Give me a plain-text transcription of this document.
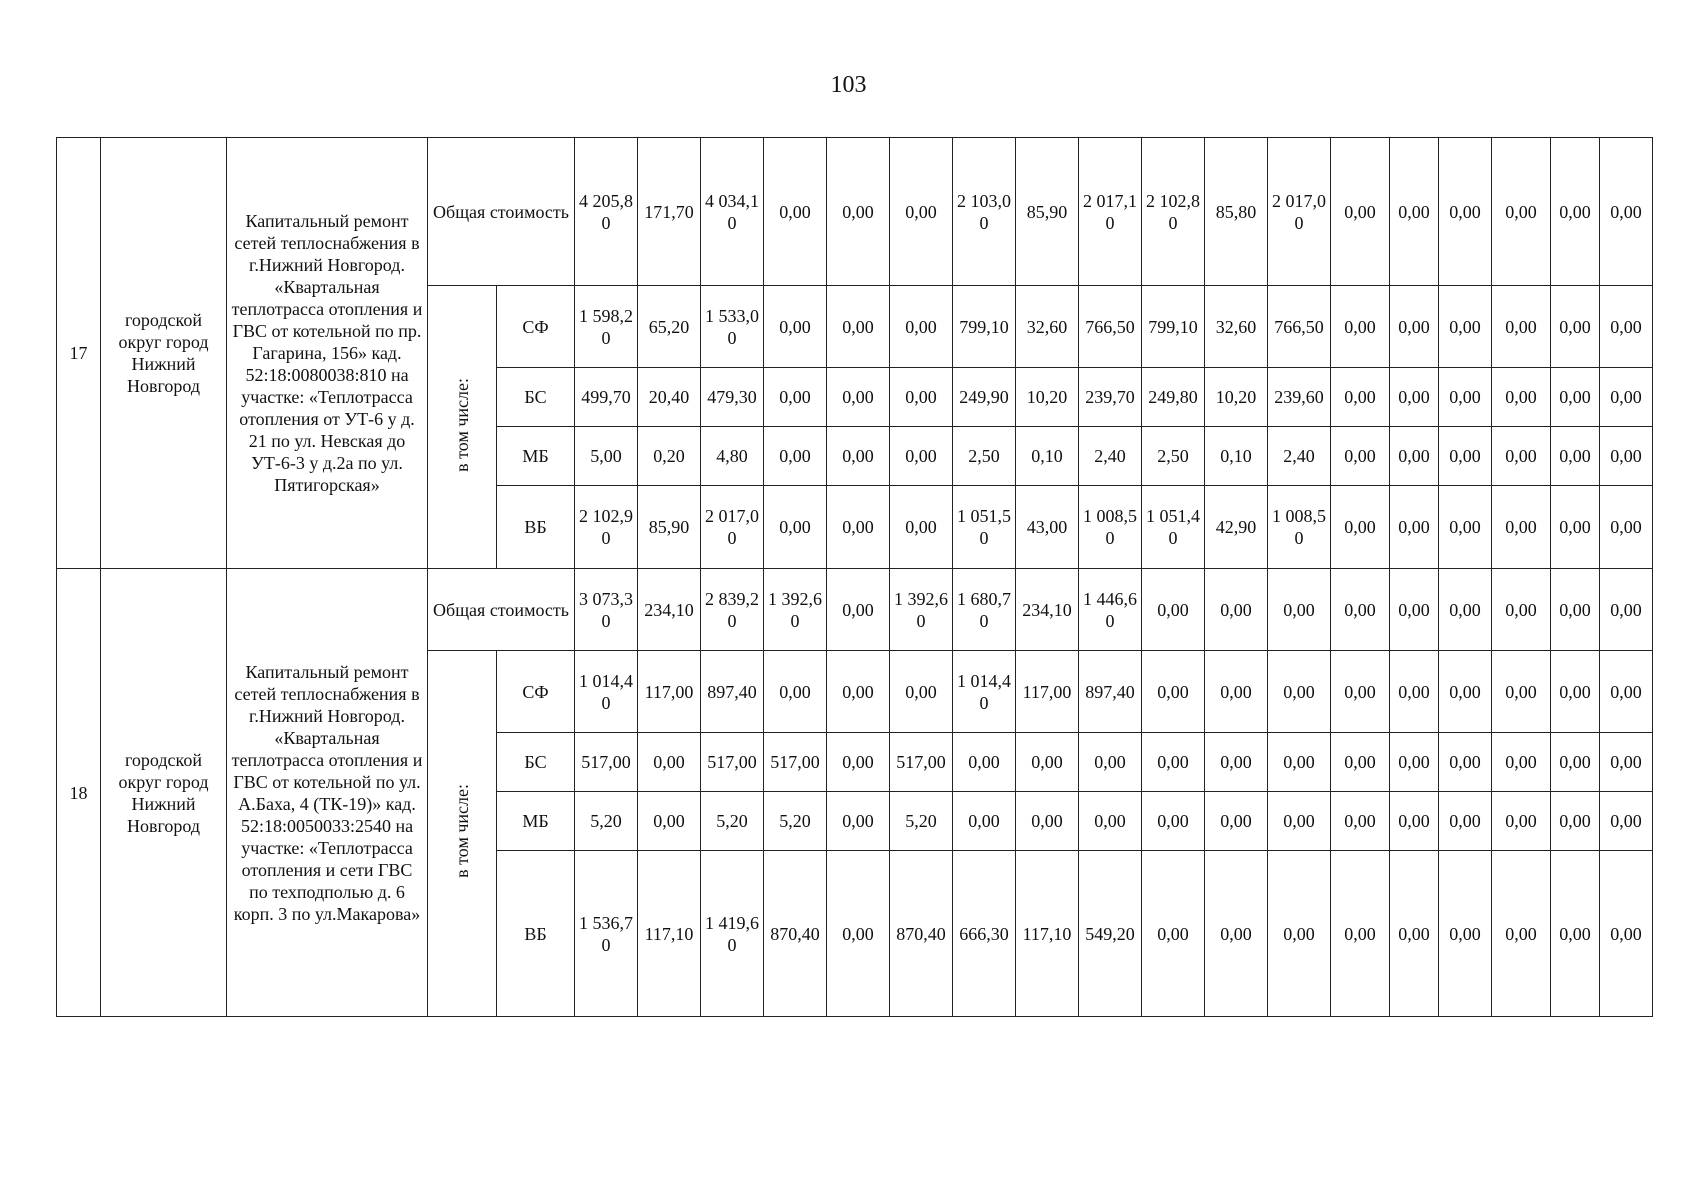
103
17	городской округ город Нижний Новгород	Капитальный ремонт сетей теплоснабжения в г.Нижний Новгород. «Квартальная теплотрасса отопления и ГВС от котельной по пр. Гагарина, 156» кад. 52:18:0080038:810 на участке: «Теплотрасса отопления от УТ-6 у д. 21 по ул. Невская до УТ-6-3 у д.2а по ул. Пятигорская»	Общая стоимость		4 205,80	171,70	4 034,10	0,00	0,00	0,00	2 103,00	85,90	2 017,10	2 102,80	85,80	2 017,00	0,00	0,00	0,00	0,00	0,00	0,00
			в том числе:	СФ	1 598,20	65,20	1 533,00	0,00	0,00	0,00	799,10	32,60	766,50	799,10	32,60	766,50	0,00	0,00	0,00	0,00	0,00	0,00
				БС	499,70	20,40	479,30	0,00	0,00	0,00	249,90	10,20	239,70	249,80	10,20	239,60	0,00	0,00	0,00	0,00	0,00	0,00
				МБ	5,00	0,20	4,80	0,00	0,00	0,00	2,50	0,10	2,40	2,50	0,10	2,40	0,00	0,00	0,00	0,00	0,00	0,00
				ВБ	2 102,90	85,90	2 017,00	0,00	0,00	0,00	1 051,50	43,00	1 008,50	1 051,40	42,90	1 008,50	0,00	0,00	0,00	0,00	0,00	0,00
18	городской округ город Нижний Новгород	Капитальный ремонт сетей теплоснабжения в г.Нижний Новгород. «Квартальная теплотрасса отопления и ГВС от котельной по ул. А.Баха, 4 (ТК-19)» кад. 52:18:0050033:2540 на участке: «Теплотрасса отопления и сети ГВС по техподполью д. 6 корп. 3 по ул.Макарова»	Общая стоимость		3 073,30	234,10	2 839,20	1 392,60	0,00	1 392,60	1 680,70	234,10	1 446,60	0,00	0,00	0,00	0,00	0,00	0,00	0,00	0,00	0,00
			в том числе:	СФ	1 014,40	117,00	897,40	0,00	0,00	0,00	1 014,40	117,00	897,40	0,00	0,00	0,00	0,00	0,00	0,00	0,00	0,00	0,00
				БС	517,00	0,00	517,00	517,00	0,00	517,00	0,00	0,00	0,00	0,00	0,00	0,00	0,00	0,00	0,00	0,00	0,00	0,00
				МБ	5,20	0,00	5,20	5,20	0,00	5,20	0,00	0,00	0,00	0,00	0,00	0,00	0,00	0,00	0,00	0,00	0,00	0,00
				ВБ	1 536,70	117,10	1 419,60	870,40	0,00	870,40	666,30	117,10	549,20	0,00	0,00	0,00	0,00	0,00	0,00	0,00	0,00	0,00
